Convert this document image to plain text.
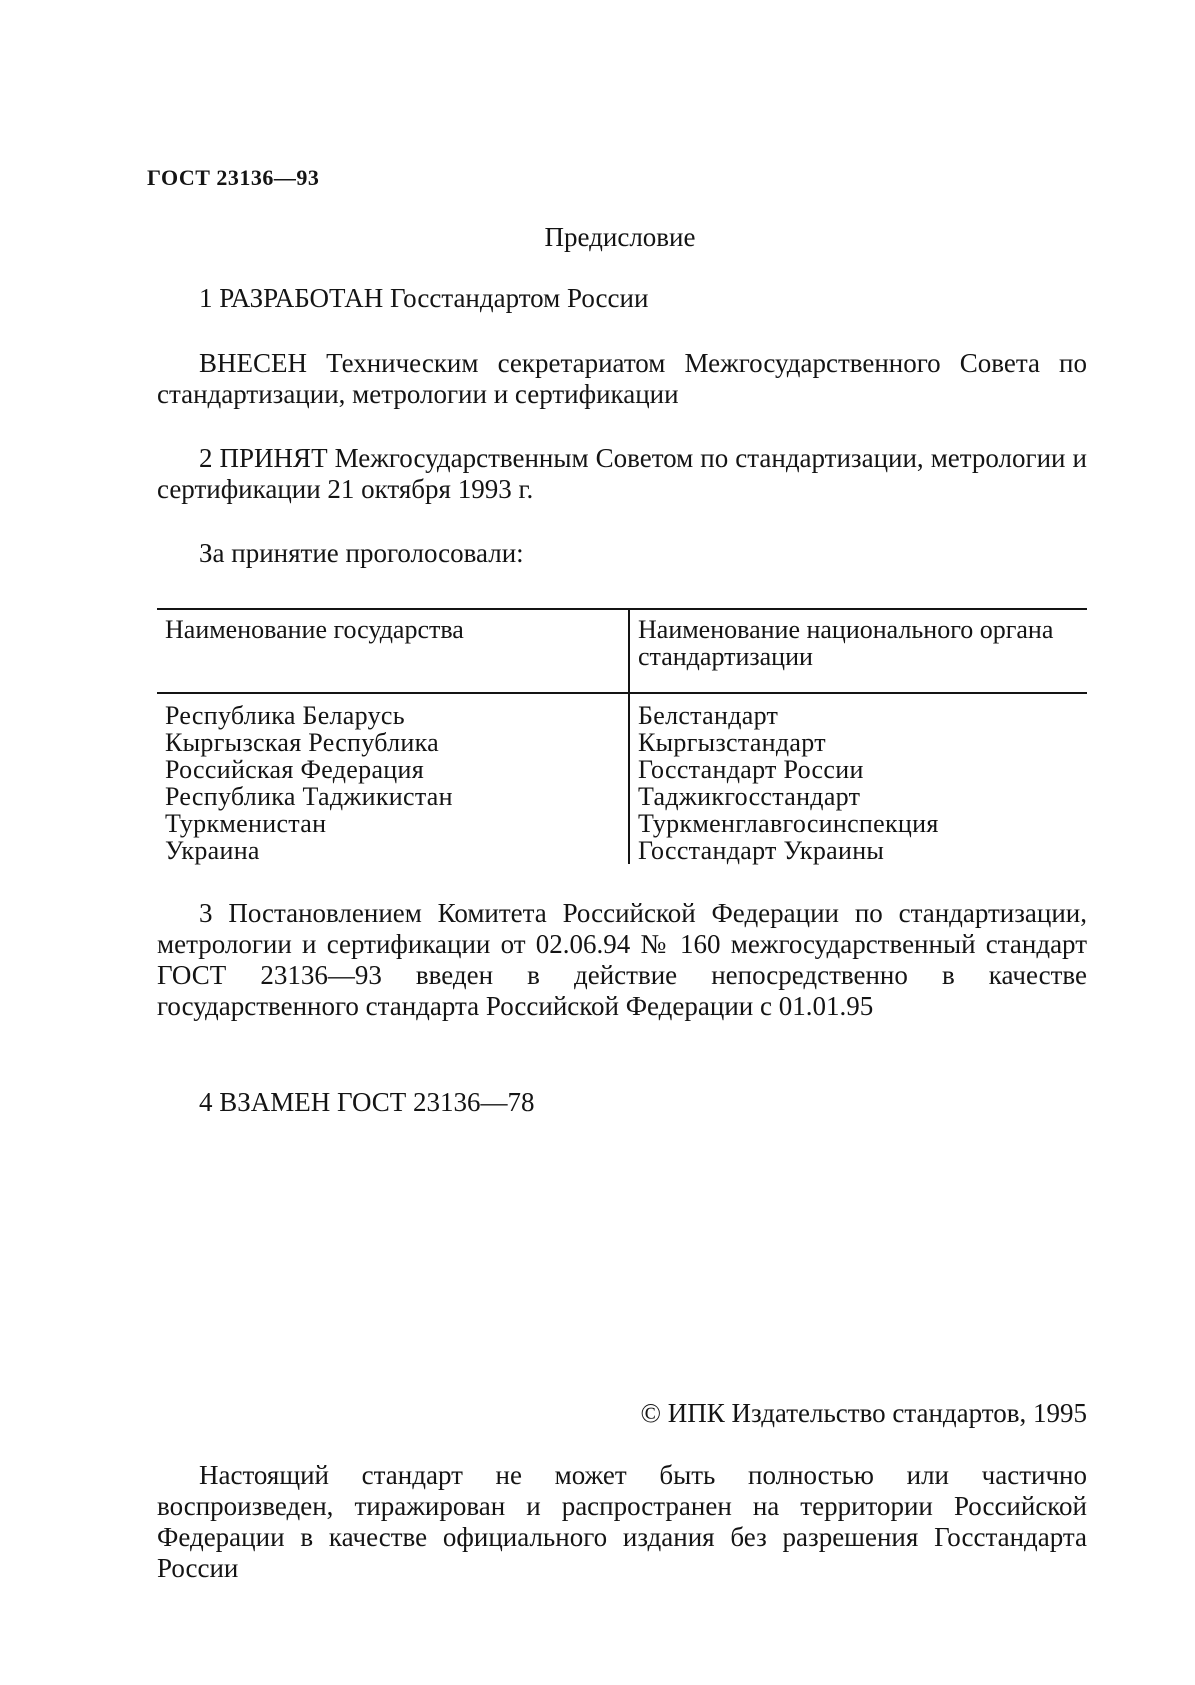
ГОСТ 23136—93
Предисловие
1 РАЗРАБОТАН Госстандартом России
ВНЕСЕН Техническим секретариатом Межгосударственного Совета по стандартизации, метрологии и сертификации
2 ПРИНЯТ Межгосударственным Советом по стандартизации, метрологии и сертификации 21 октября 1993 г.
За принятие проголосовали:
Наименование государства	Наименование национального органа стандартизации
Республика Беларусь	Белстандарт
Кыргызская Республика	Кыргызстандарт
Российская Федерация	Госстандарт России
Республика Таджикистан	Таджикгосстандарт
Туркменистан	Туркменглавгосинспекция
Украина	Госстандарт Украины
3 Постановлением Комитета Российской Федерации по стандартизации, метрологии и сертификации от 02.06.94 № 160 межгосударственный стандарт ГОСТ 23136—93 введен в действие непосредственно в качестве государственного стандарта Российской Федерации с 01.01.95
4 ВЗАМЕН ГОСТ 23136—78
© ИПК Издательство стандартов, 1995
Настоящий стандарт не может быть полностью или частично воспроизведен, тиражирован и распространен на территории Российской Федерации в качестве официального издания без разрешения Госстандарта России
